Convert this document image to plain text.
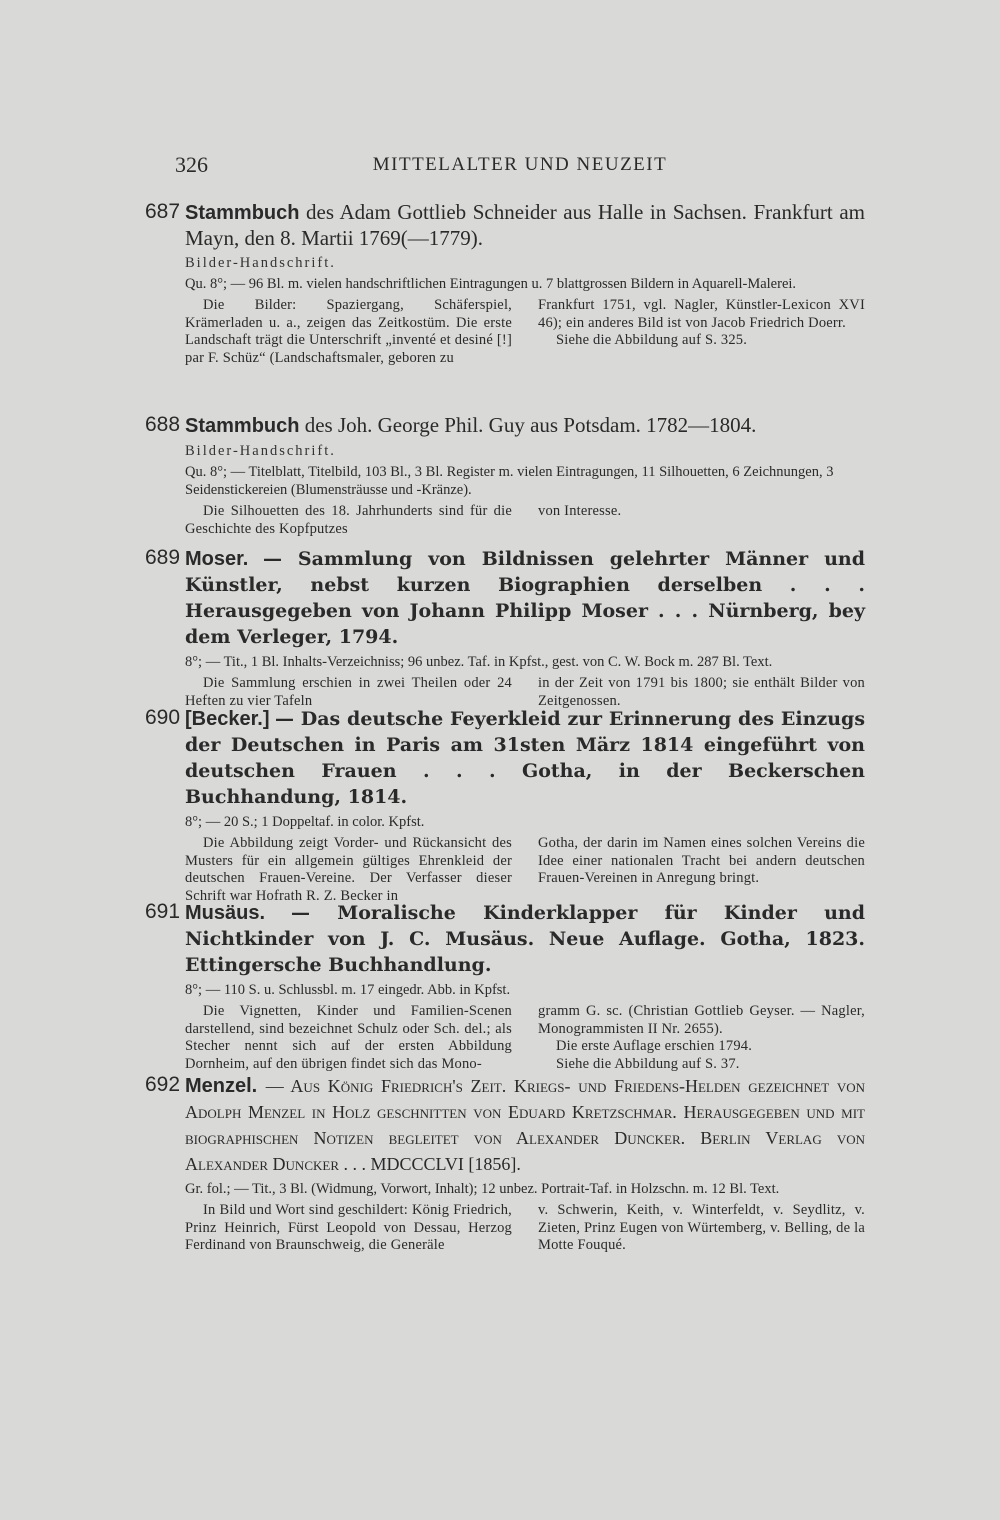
326	MITTELALTER UND NEUZEIT
687 Stammbuch des Adam Gottlieb Schneider aus Halle in Sachsen. Frankfurt am Mayn, den 8. Martii 1769(—1779).
Bilder-Handschrift.
Qu. 8°; — 96 Bl. m. vielen handschriftlichen Eintragungen u. 7 blattgrossen Bildern in Aquarell-Malerei.
Die Bilder: Spaziergang, Schäferspiel, Krämerladen u. a., zeigen das Zeitkostüm. Die erste Landschaft trägt die Unterschrift „inventé et desiné [!] par F. Schüz“ (Landschaftsmaler, geboren zu

Frankfurt 1751, vgl. Nagler, Künstler-Lexicon XVI 46); ein anderes Bild ist von Jacob Friedrich Doerr.

Siehe die Abbildung auf S. 325.

688 Stammbuch des Joh. George Phil. Guy aus Potsdam. 1782—1804.
Bilder-Handschrift.
Qu. 8°; — Titelblatt, Titelbild, 103 Bl., 3 Bl. Register m. vielen Eintragungen, 11 Silhouetten, 6 Zeichnungen, 3 Seidenstickereien (Blumensträusse und -Kränze).
Die Silhouetten des 18. Jahrhunderts sind für die Geschichte des Kopfputzes
von Interesse.
689 Moser. — Sammlung von Bildnissen gelehrter Männer und Künstler, nebst kurzen Biographien derselben . . . Herausgegeben von Johann Philipp Moser . . . Nürnberg, bey dem Verleger, 1794.
8°; — Tit., 1 Bl. Inhalts-Verzeichniss; 96 unbez. Taf. in Kpfst., gest. von C. W. Bock m. 287 Bl. Text.
Die Sammlung erschien in zwei Theilen oder 24 Heften zu vier Tafeln
in der Zeit von 1791 bis 1800; sie enthält Bilder von Zeitgenossen.
690 [Becker.] — Das deutsche Feyerkleid zur Erinnerung des Einzugs der Deutschen in Paris am 31sten März 1814 eingeführt von deutschen Frauen . . . Gotha, in der Beckerschen Buchhandung, 1814.
8°; — 20 S.; 1 Doppeltaf. in color. Kpfst.
Die Abbildung zeigt Vorder- und Rückansicht des Musters für ein allgemein gültiges Ehrenkleid der deutschen Frauen-Vereine. Der Verfasser dieser Schrift war Hofrath R. Z. Becker in
Gotha, der darin im Namen eines solchen Vereins die Idee einer nationalen Tracht bei andern deutschen Frauen-Vereinen in Anregung bringt.
691 Musäus. — Moralische Kinderklapper für Kinder und Nichtkinder von J. C. Musäus. Neue Auflage. Gotha, 1823. Ettingersche Buchhandlung.
8°; — 110 S. u. Schlussbl. m. 17 eingedr. Abb. in Kpfst.
Die Vignetten, Kinder und Familien-Scenen darstellend, sind bezeichnet Schulz oder Sch. del.; als Stecher nennt sich auf der ersten Abbildung Dornheim, auf den übrigen findet sich das Mono-

gramm G. sc. (Christian Gottlieb Geyser. — Nagler, Monogrammisten II Nr. 2655).

Die erste Auflage erschien 1794.

Siehe die Abbildung auf S. 37.

692 Menzel. — Aus König Friedrich's Zeit. Kriegs- und Friedens-Helden gezeichnet von Adolph Menzel in Holz geschnitten von Eduard Kretzschmar. Herausgegeben und mit biographischen Notizen begleitet von Alexander Duncker. Berlin Verlag von Alexander Duncker . . . MDCCCLVI [1856].
Gr. fol.; — Tit., 3 Bl. (Widmung, Vorwort, Inhalt); 12 unbez. Portrait-Taf. in Holzschn. m. 12 Bl. Text.
In Bild und Wort sind geschildert: König Friedrich, Prinz Heinrich, Fürst Leopold von Dessau, Herzog Ferdinand von Braunschweig, die Generäle
v. Schwerin, Keith, v. Winterfeldt, v. Seydlitz, v. Zieten, Prinz Eugen von Würtemberg, v. Belling, de la Motte Fouqué.
